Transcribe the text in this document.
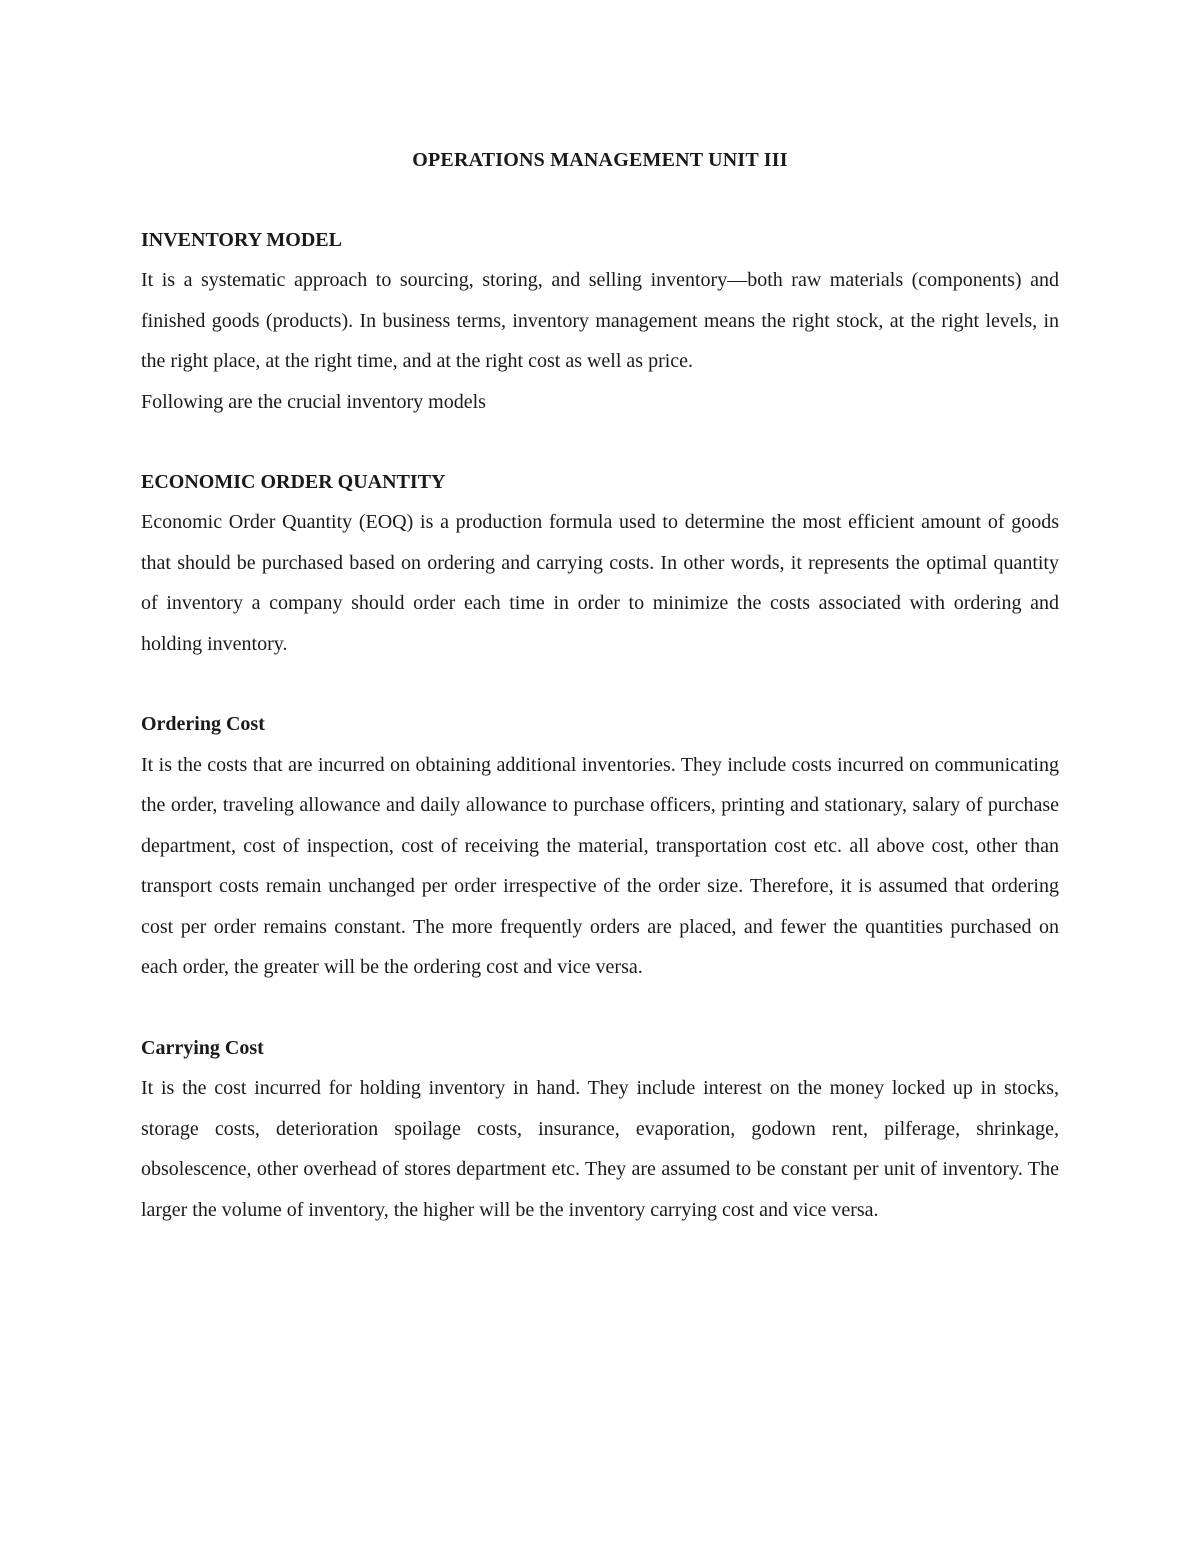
OPERATIONS MANAGEMENT UNIT III
INVENTORY MODEL

It is a systematic approach to sourcing, storing, and selling inventory—both raw materials (components) and finished goods (products). In business terms, inventory management means the right stock, at the right levels, in the right place, at the right time, and at the right cost as well as price.

Following are the crucial inventory models

ECONOMIC ORDER QUANTITY

Economic Order Quantity (EOQ) is a production formula used to determine the most efficient amount of goods that should be purchased based on ordering and carrying costs. In other words, it represents the optimal quantity of inventory a company should order each time in order to minimize the costs associated with ordering and holding inventory.

Ordering Cost

It is the costs that are incurred on obtaining additional inventories. They include costs incurred on communicating the order, traveling allowance and daily allowance to purchase officers, printing and stationary, salary of purchase department, cost of inspection, cost of receiving the material, transportation cost etc. all above cost, other than transport costs remain unchanged per order irrespective of the order size. Therefore, it is assumed that ordering cost per order remains constant. The more frequently orders are placed, and fewer the quantities purchased on each order, the greater will be the ordering cost and vice versa.

Carrying Cost

It is the cost incurred for holding inventory in hand. They include interest on the money locked up in stocks, storage costs, deterioration spoilage costs, insurance, evaporation, godown rent, pilferage, shrinkage, obsolescence, other overhead of stores department etc. They are assumed to be constant per unit of inventory. The larger the volume of inventory, the higher will be the inventory carrying cost and vice versa.
